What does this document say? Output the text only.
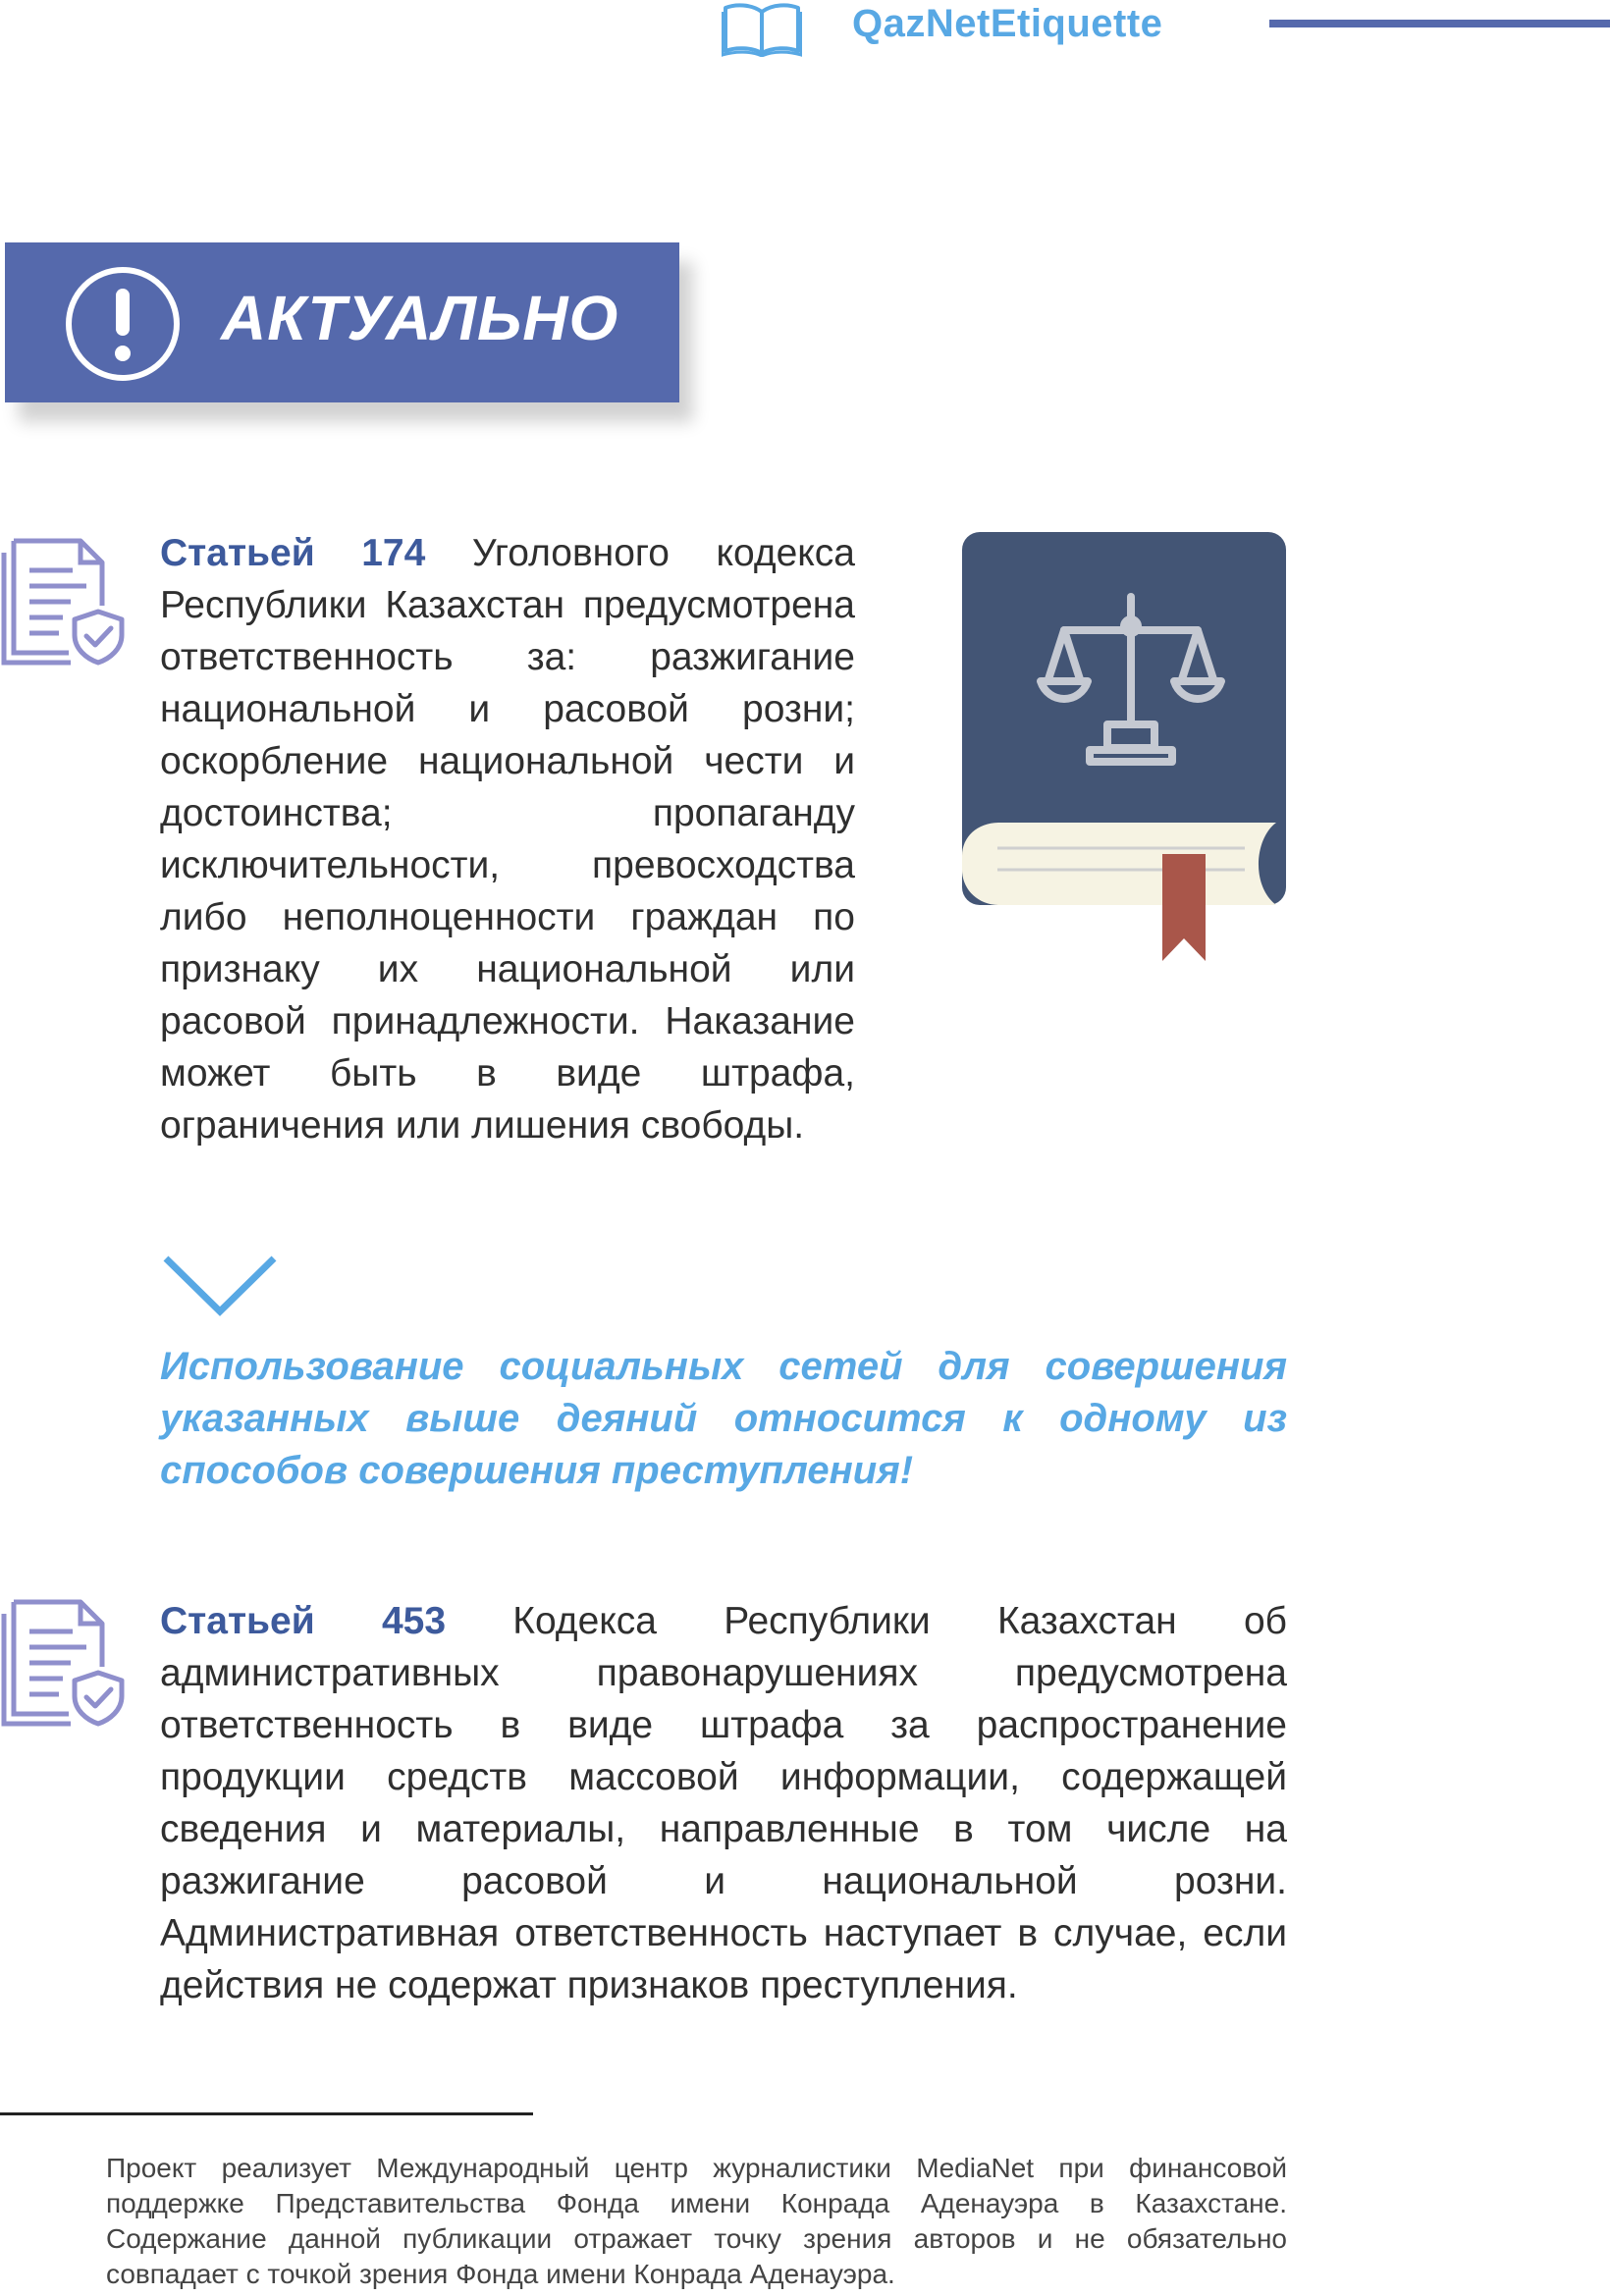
QazNetEtiquette
АКТУАЛЬНО
Статьей 174 Уголовного кодекса Республики Казахстан предусмотрена ответственность за: разжигание национальной и расовой розни; оскорбление национальной чести и достоинства; пропаганду исключительности, превосходства либо неполноценности граждан по признаку их национальной или расовой принадлежности. Наказание может быть в виде штрафа, ограничения или лишения свободы.
Использование социальных сетей для совершения указанных выше деяний относится к одному из способов совершения преступления!
Статьей 453 Кодекса Республики Казахстан об административных правонарушениях предусмотрена ответственность в виде штрафа за распространение продукции средств массовой информации, содержащей сведения и материалы, направленные в том числе на разжигание расовой и национальной розни. Административная ответственность наступает в случае, если действия не содержат признаков преступления.
Проект реализует Международный центр журналистики MediaNet при финансовой поддержке Представительства Фонда имени Конрада Аденауэра в Казахстане. Содержание данной публикации отражает точку зрения авторов и не обязательно совпадает с точкой зрения Фонда имени Конрада Аденауэра.
